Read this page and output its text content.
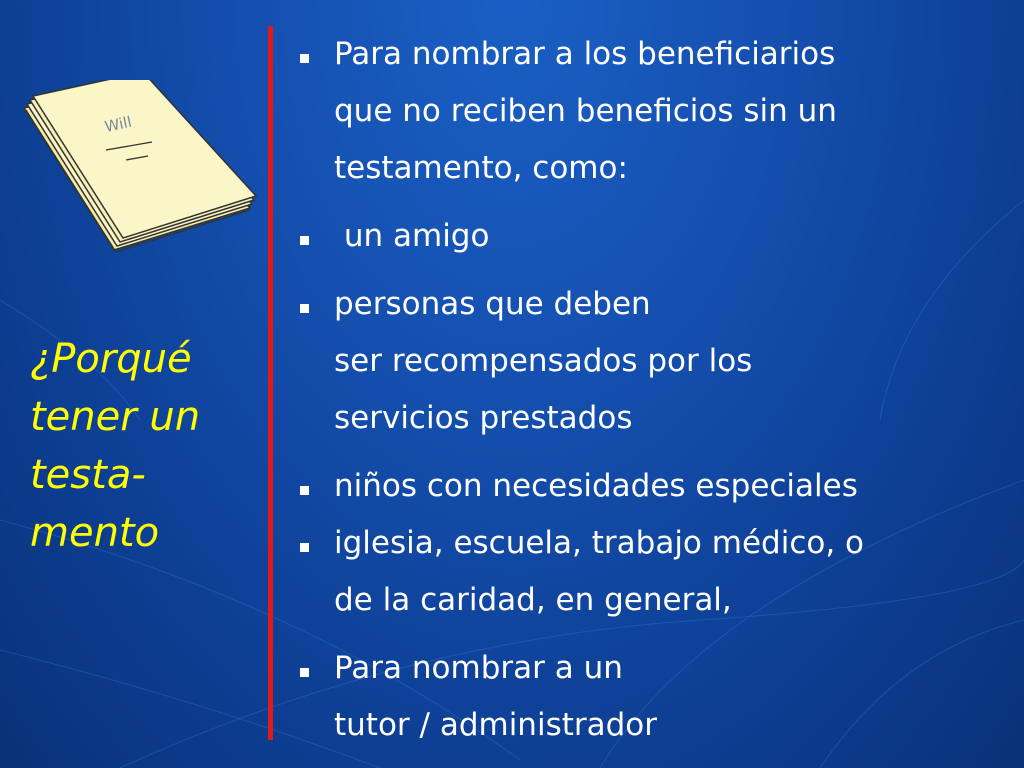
Will
¿Porqué
tener un
testa-
mento
Para nombrar a los beneficiarios
que no reciben beneficios sin un
testamento, como:
un amigo
personas que deben
ser recompensados por los
servicios prestados
niños con necesidades especiales
iglesia, escuela, trabajo médico, o
de la caridad, en general,
Para nombrar a un
tutor / administrador
